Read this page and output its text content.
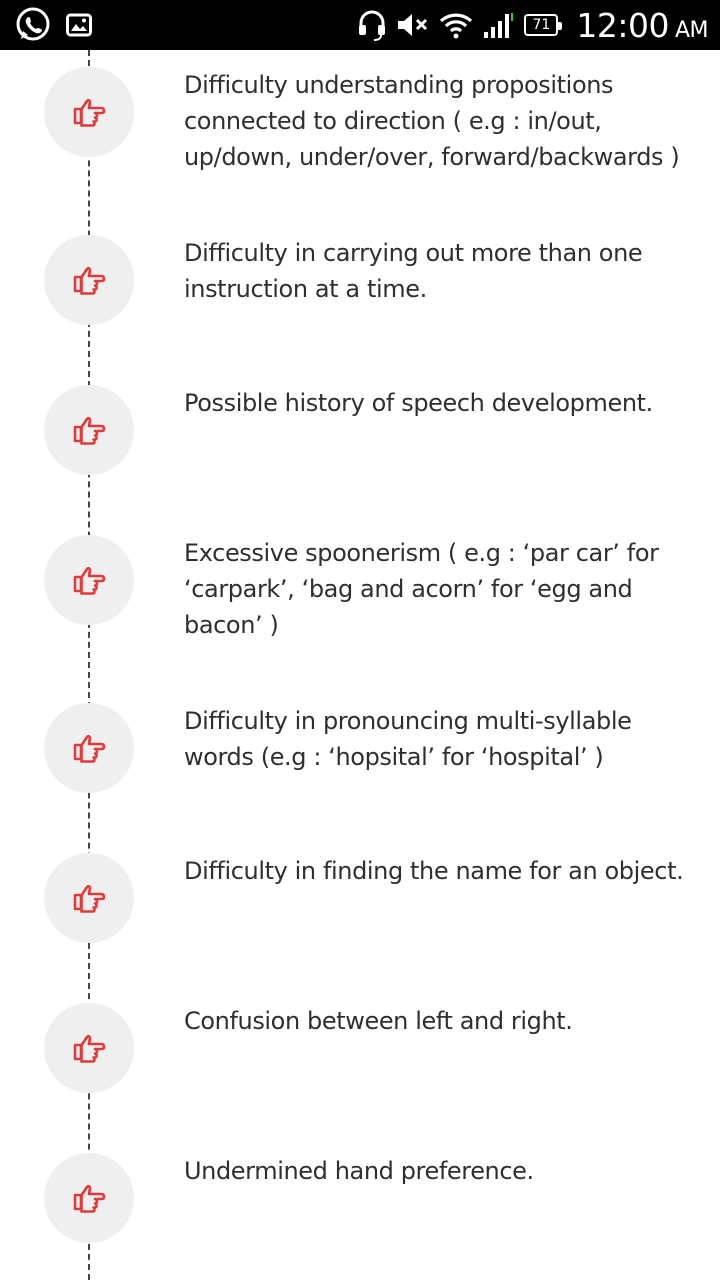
71 12:00 AM
Difficulty understanding propositions connected to direction ( e.g : in/out, up/down, under/over, forward/backwards )
Difficulty in carrying out more than one instruction at a time.
Possible history of speech development.
Excessive spoonerism ( e.g : ‘par car’ for ‘carpark’, ‘bag and acorn’ for ‘egg and bacon’ )
Difficulty in pronouncing multi-syllable words (e.g : ‘hopsital’ for ‘hospital’ )
Difficulty in finding the name for an object.
Confusion between left and right.
Undermined hand preference.
